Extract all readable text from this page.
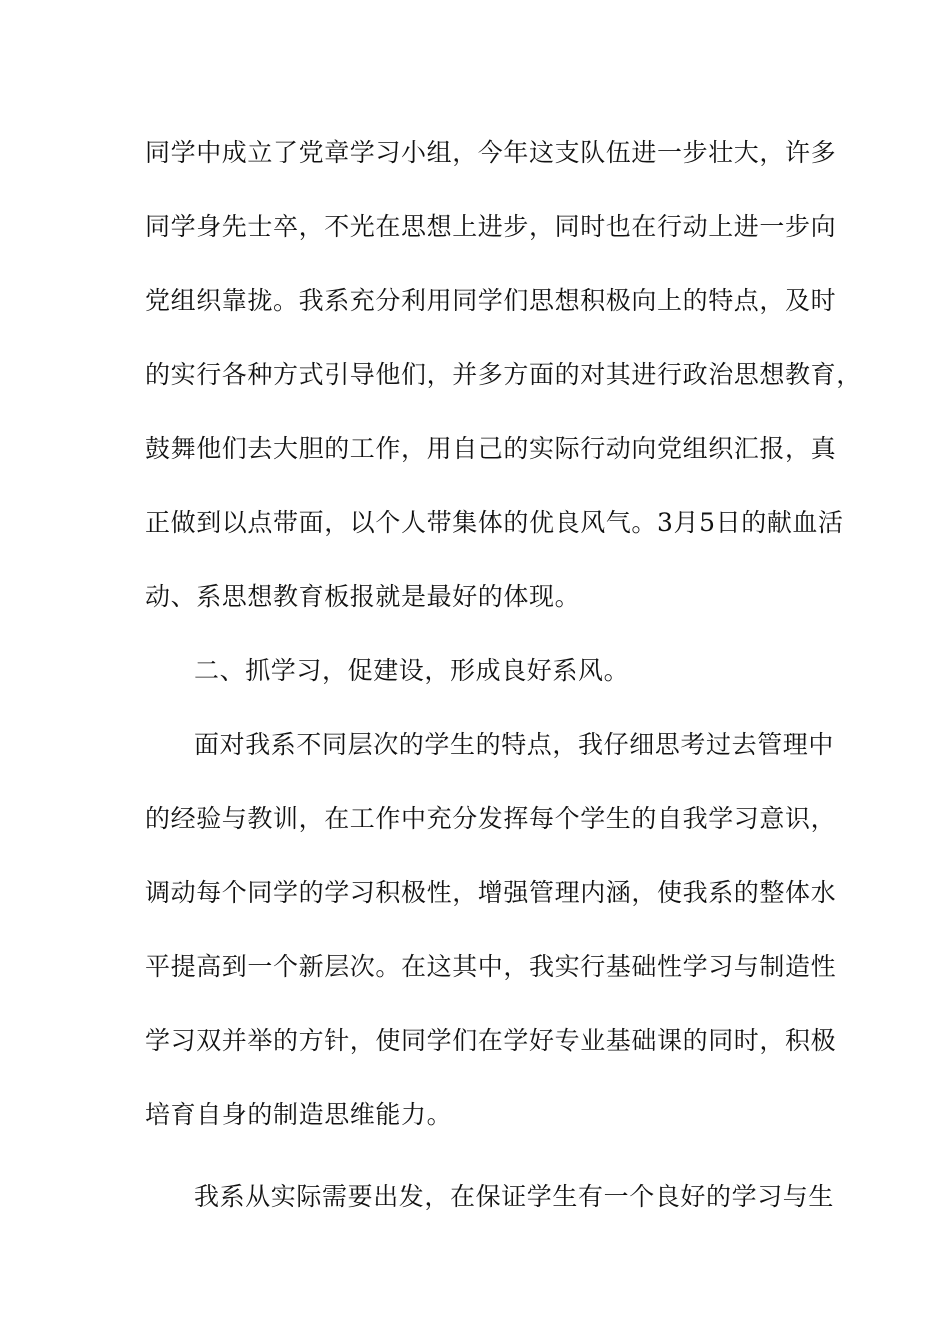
同学中成立了党章学习小组，今年这支队伍进一步壮大，许多
同学身先士卒，不光在思想上进步，同时也在行动上进一步向
党组织靠拢。我系充分利用同学们思想积极向上的特点，及时
的实行各种方式引导他们，并多方面的对其进行政治思想教育，
鼓舞他们去大胆的工作，用自己的实际行动向党组织汇报，真
正做到以点带面，以个人带集体的优良风气。3月5日的献血活
动、系思想教育板报就是最好的体现。
二、抓学习，促建设，形成良好系风。
面对我系不同层次的学生的特点，我仔细思考过去管理中
的经验与教训，在工作中充分发挥每个学生的自我学习意识，
调动每个同学的学习积极性，增强管理内涵，使我系的整体水
平提高到一个新层次。在这其中，我实行基础性学习与制造性
学习双并举的方针，使同学们在学好专业基础课的同时，积极
培育自身的制造思维能力。
我系从实际需要出发，在保证学生有一个良好的学习与生
